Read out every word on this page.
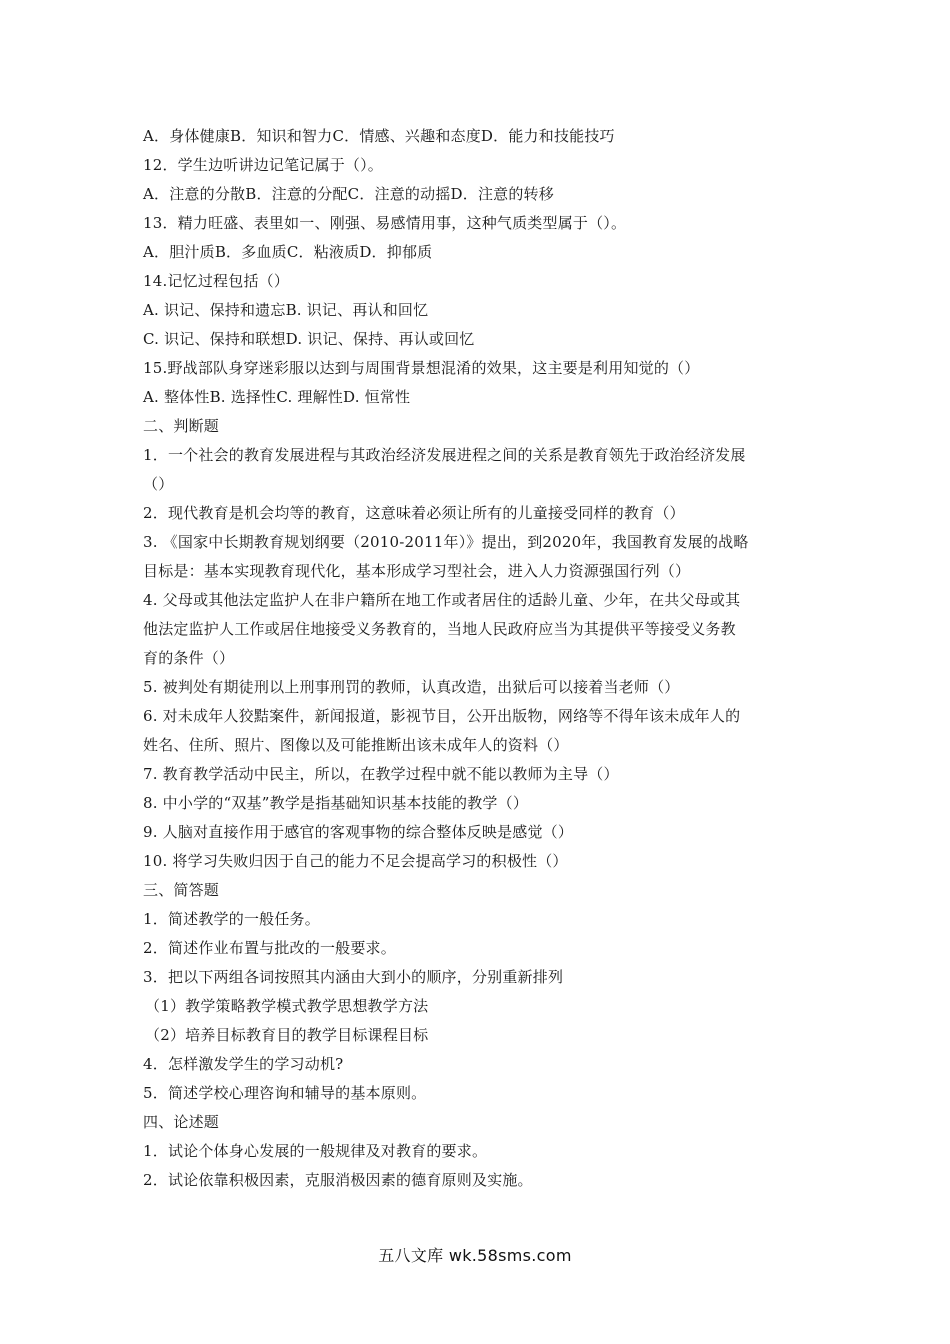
A．身体健康B．知识和智力C．情感、兴趣和态度D．能力和技能技巧
12．学生边听讲边记笔记属于（）。
A．注意的分散B．注意的分配C．注意的动摇D．注意的转移
13．精力旺盛、表里如一、刚强、易感情用事，这种气质类型属于（）。
A．胆汁质B．多血质C．粘液质D．抑郁质
14.记忆过程包括（）
A. 识记、保持和遗忘B. 识记、再认和回忆
C. 识记、保持和联想D. 识记、保持、再认或回忆
15.野战部队身穿迷彩服以达到与周围背景想混淆的效果，这主要是利用知觉的（）
A. 整体性B. 选择性C. 理解性D. 恒常性
二、判断题
1．一个社会的教育发展进程与其政治经济发展进程之间的关系是教育领先于政治经济发展
（）
2．现代教育是机会均等的教育，这意味着必须让所有的儿童接受同样的教育（）
3. 《国家中长期教育规划纲要（2010-2011年）》提出，到2020年，我国教育发展的战略
目标是：基本实现教育现代化，基本形成学习型社会，进入人力资源强国行列（）
4. 父母或其他法定监护人在非户籍所在地工作或者居住的适龄儿童、少年，在共父母或其
他法定监护人工作或居住地接受义务教育的，当地人民政府应当为其提供平等接受义务教
育的条件（）
5. 被判处有期徒刑以上刑事刑罚的教师，认真改造，出狱后可以接着当老师（）
6. 对未成年人狡黠案件，新闻报道，影视节目，公开出版物，网络等不得年该未成年人的
姓名、住所、照片、图像以及可能推断出该未成年人的资料（）
7. 教育教学活动中民主，所以，在教学过程中就不能以教师为主导（）
8. 中小学的“双基”教学是指基础知识基本技能的教学（）
9. 人脑对直接作用于感官的客观事物的综合整体反映是感觉（）
10. 将学习失败归因于自己的能力不足会提高学习的积极性（）
三、简答题
1．简述教学的一般任务。
2．简述作业布置与批改的一般要求。
3．把以下两组各词按照其内涵由大到小的顺序，分别重新排列
（1）教学策略教学模式教学思想教学方法
（2）培养目标教育目的教学目标课程目标
4．怎样激发学生的学习动机?
5．简述学校心理咨询和辅导的基本原则。
四、论述题
1．试论个体身心发展的一般规律及对教育的要求。
2．试论依靠积极因素，克服消极因素的德育原则及实施。
五八文库 wk.58sms.com
